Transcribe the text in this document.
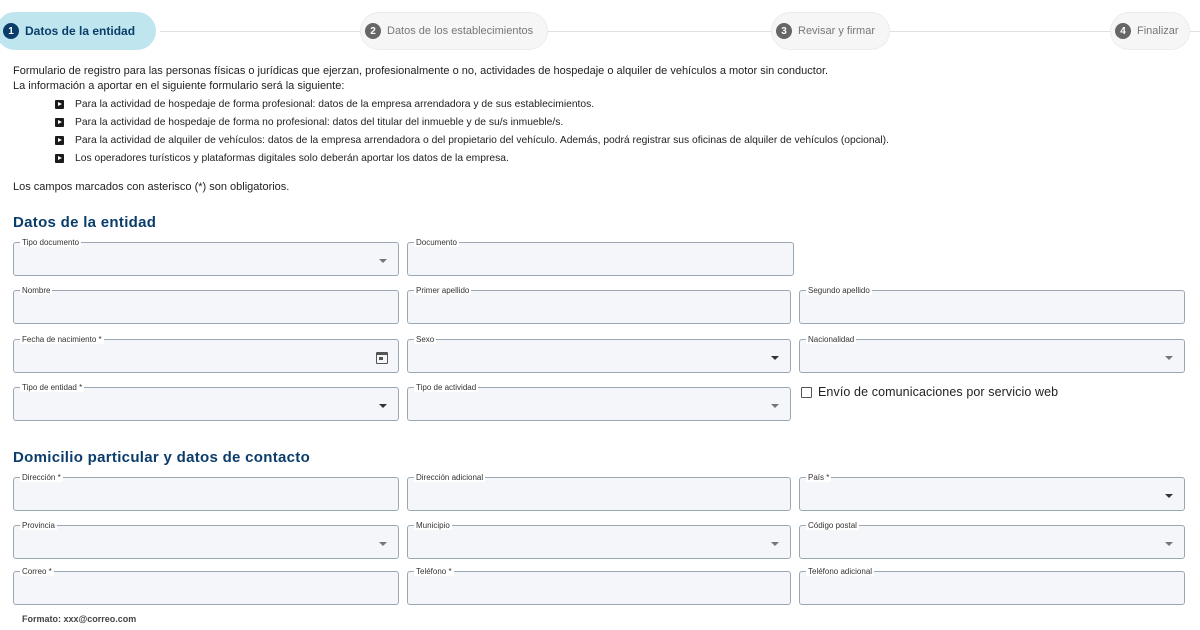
1 Datos de la entidad	2	Datos de los establecimientos	3	Revisar y firmar	4	Finalizar
Formulario de registro para las personas físicas o jurídicas que ejerzan, profesionalmente o no, actividades de hospedaje o alquiler de vehículos a motor sin conductor.
La información a aportar en el siguiente formulario será la siguiente:
Para la actividad de hospedaje de forma profesional: datos de la empresa arrendadora y de sus establecimientos.
Para la actividad de hospedaje de forma no profesional: datos del titular del inmueble y de su/s inmueble/s.
Para la actividad de alquiler de vehículos: datos de la empresa arrendadora o del propietario del vehículo. Además, podrá registrar sus oficinas de alquiler de vehículos (opcional).
Los operadores turísticos y plataformas digitales solo deberán aportar los datos de la empresa.
Los campos marcados con asterisco (*) son obligatorios.
Datos de la entidad
Tipo documento	Documento
Nombre	Primer apellido	Segundo apellido
Fecha de nacimiento *	Sexo	Nacionalidad
Tipo de entidad *	Tipo de actividad	Envío de comunicaciones por servicio web
Domicilio particular y datos de contacto
Dirección *	Dirección adicional	País *
Provincia	Municipio	Código postal
Correo *	Teléfono *	Teléfono adicional
Formato: xxx@correo.com
